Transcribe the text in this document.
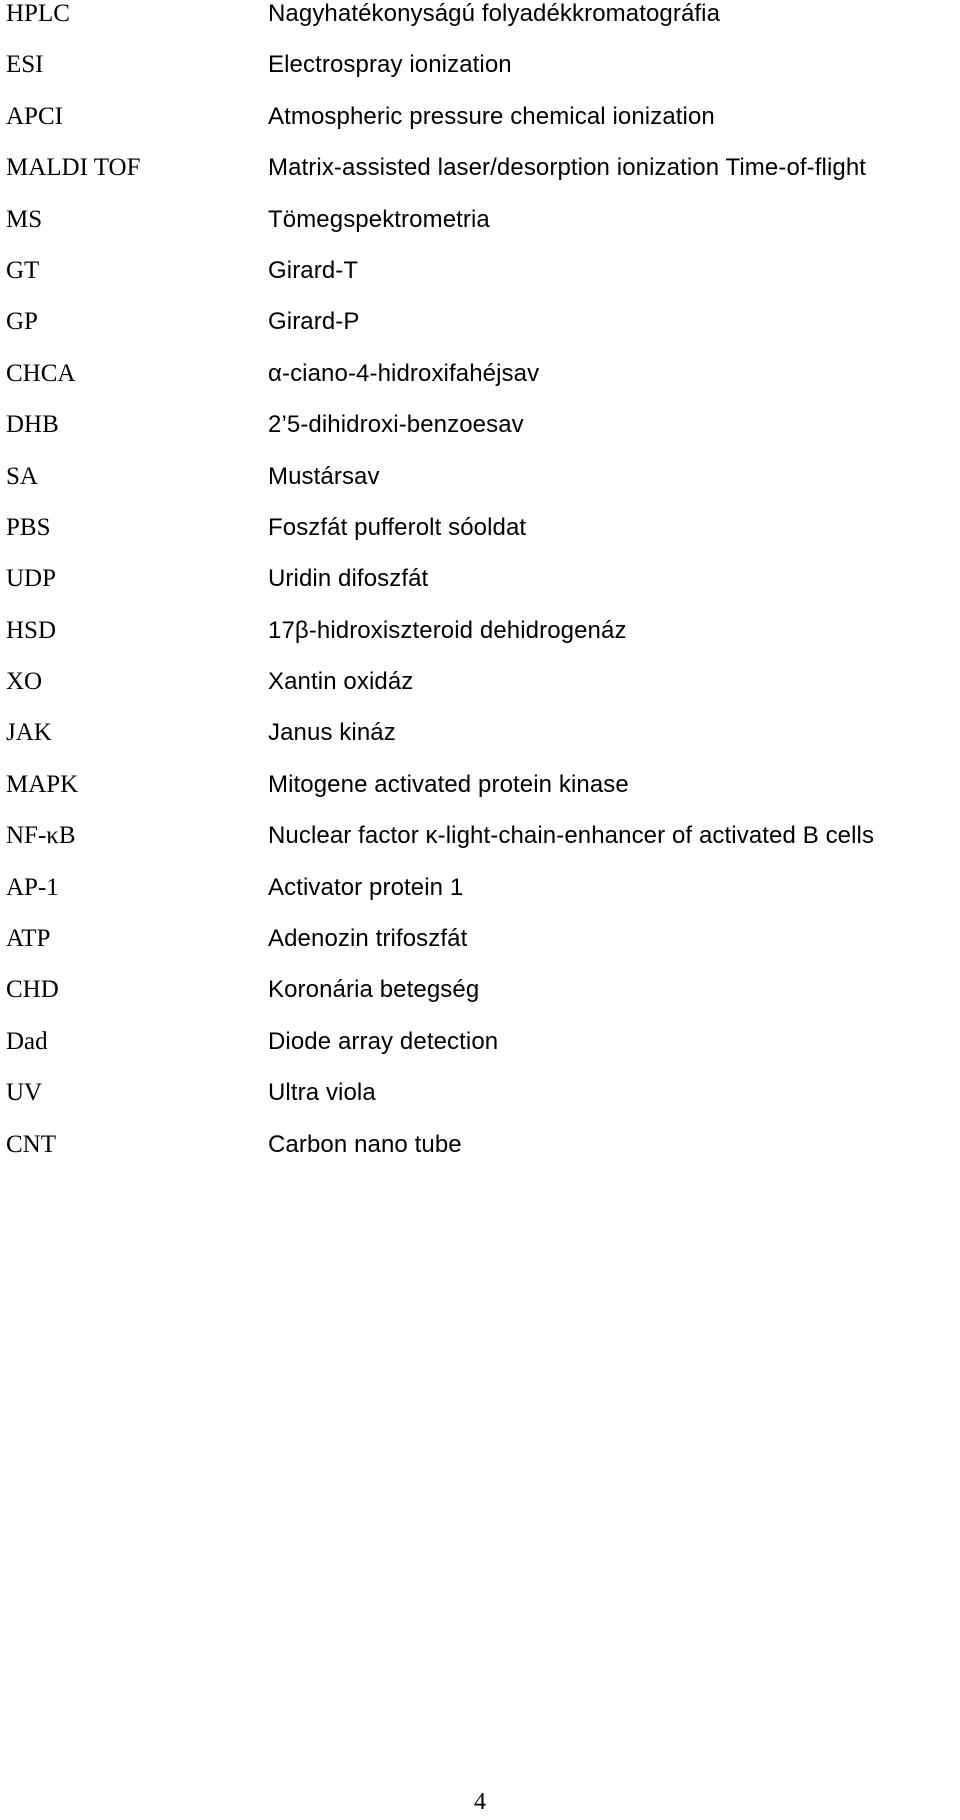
HPLC	Nagyhatékonyságú folyadékkromatográfia
ESI	Electrospray ionization
APCI	Atmospheric pressure chemical ionization
MALDI TOF	Matrix-assisted laser/desorption ionization Time-of-flight
MS	Tömegspektrometria
GT	Girard-T
GP	Girard-P
CHCA	α-ciano-4-hidroxifahéjsav
DHB	2’5-dihidroxi-benzoesav
SA	Mustársav
PBS	Foszfát pufferolt sóoldat
UDP	Uridin difoszfát
HSD	17β-hidroxiszteroid dehidrogenáz
XO	Xantin oxidáz
JAK	Janus kináz
MAPK	Mitogene activated protein kinase
NF-κB	Nuclear factor κ-light-chain-enhancer of activated B cells
AP-1	Activator protein 1
ATP	Adenozin trifoszfát
CHD	Koronária betegség
Dad	Diode array detection
UV	Ultra viola
CNT	Carbon nano tube
4
